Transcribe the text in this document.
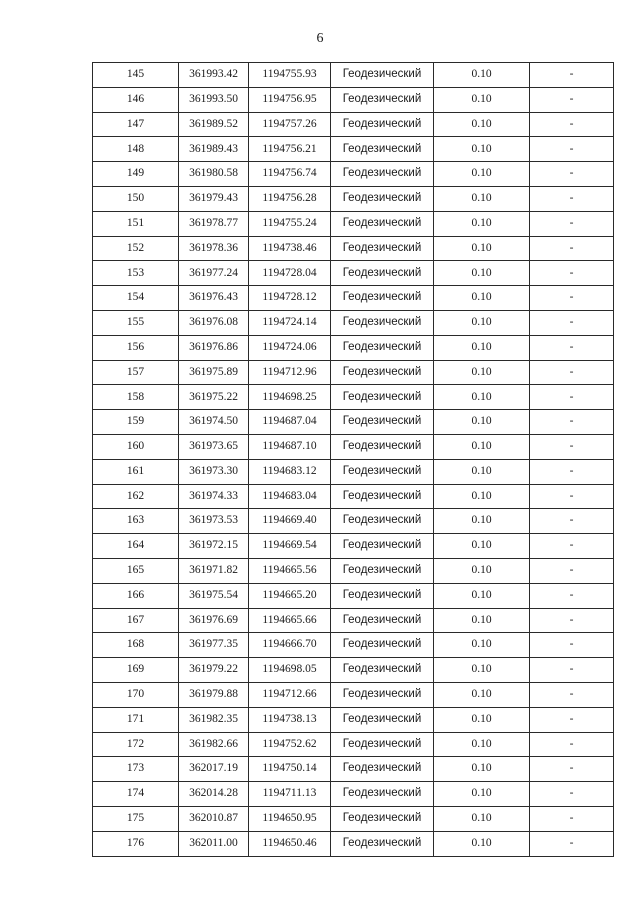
6
145	361993.42	1194755.93	Геодезический	0.10	-
146	361993.50	1194756.95	Геодезический	0.10	-
147	361989.52	1194757.26	Геодезический	0.10	-
148	361989.43	1194756.21	Геодезический	0.10	-
149	361980.58	1194756.74	Геодезический	0.10	-
150	361979.43	1194756.28	Геодезический	0.10	-
151	361978.77	1194755.24	Геодезический	0.10	-
152	361978.36	1194738.46	Геодезический	0.10	-
153	361977.24	1194728.04	Геодезический	0.10	-
154	361976.43	1194728.12	Геодезический	0.10	-
155	361976.08	1194724.14	Геодезический	0.10	-
156	361976.86	1194724.06	Геодезический	0.10	-
157	361975.89	1194712.96	Геодезический	0.10	-
158	361975.22	1194698.25	Геодезический	0.10	-
159	361974.50	1194687.04	Геодезический	0.10	-
160	361973.65	1194687.10	Геодезический	0.10	-
161	361973.30	1194683.12	Геодезический	0.10	-
162	361974.33	1194683.04	Геодезический	0.10	-
163	361973.53	1194669.40	Геодезический	0.10	-
164	361972.15	1194669.54	Геодезический	0.10	-
165	361971.82	1194665.56	Геодезический	0.10	-
166	361975.54	1194665.20	Геодезический	0.10	-
167	361976.69	1194665.66	Геодезический	0.10	-
168	361977.35	1194666.70	Геодезический	0.10	-
169	361979.22	1194698.05	Геодезический	0.10	-
170	361979.88	1194712.66	Геодезический	0.10	-
171	361982.35	1194738.13	Геодезический	0.10	-
172	361982.66	1194752.62	Геодезический	0.10	-
173	362017.19	1194750.14	Геодезический	0.10	-
174	362014.28	1194711.13	Геодезический	0.10	-
175	362010.87	1194650.95	Геодезический	0.10	-
176	362011.00	1194650.46	Геодезический	0.10	-
